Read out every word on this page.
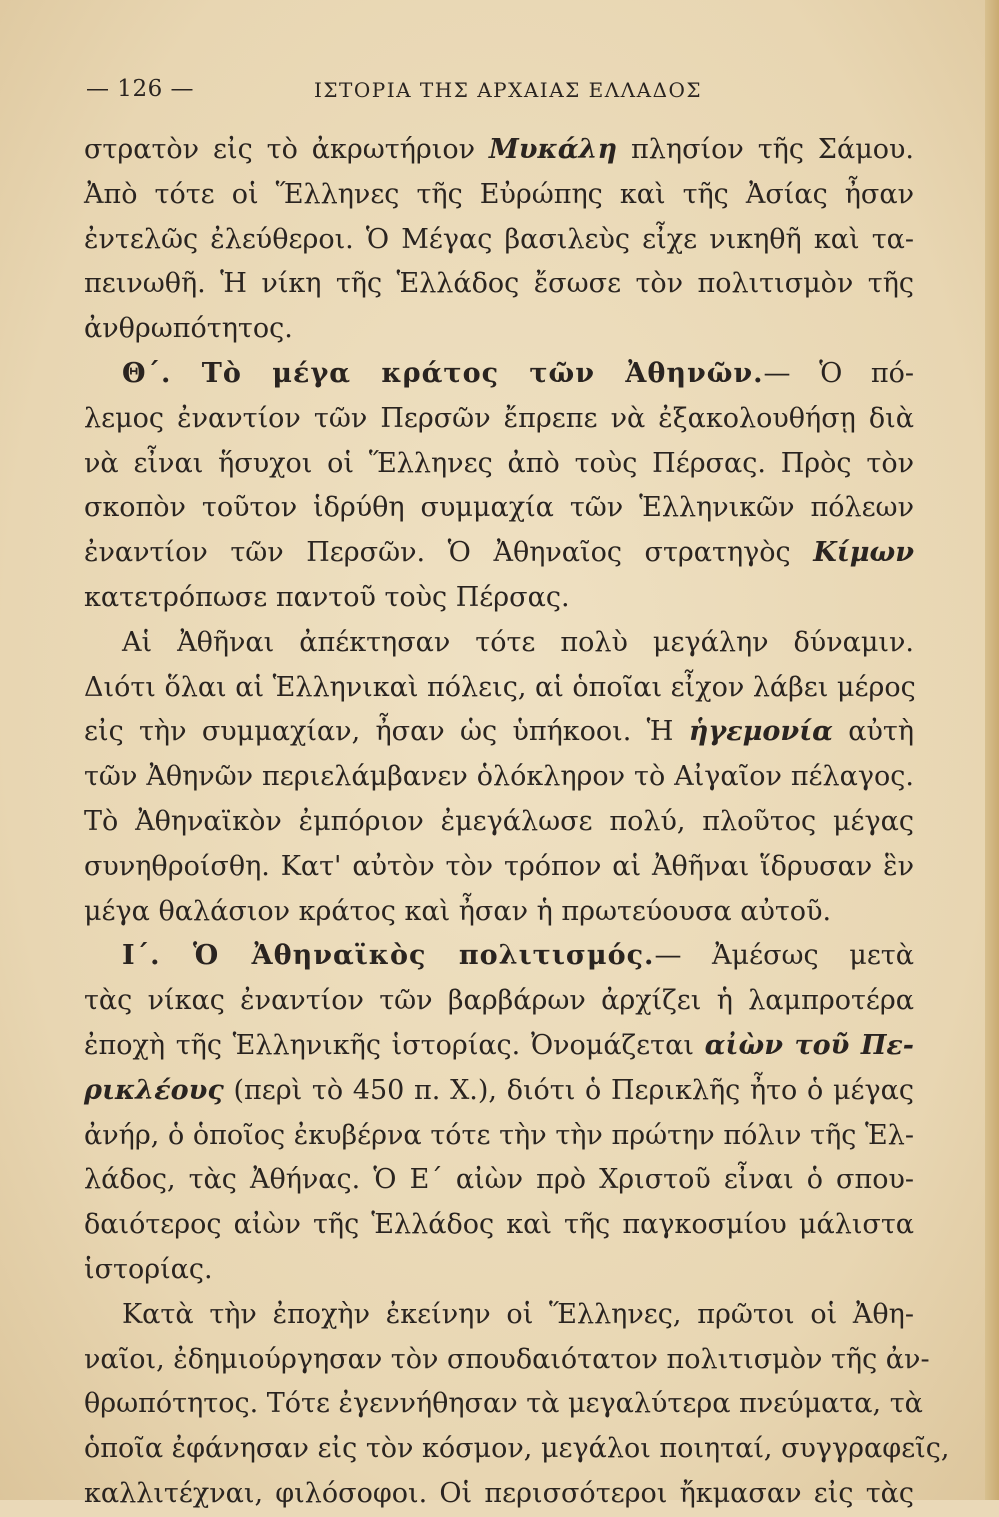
— 126 —	ΙΣΤΟΡΙΑ ΤΗΣ ΑΡΧΑΙΑΣ ΕΛΛΑΔΟΣ
στρατὸν εἰς τὸ ἀκρωτήριον Μυκάλη πλησίον τῆς Σάμου.
Ἀπὸ τότε οἱ Ἕλληνες τῆς Εὐρώπης καὶ τῆς Ἀσίας ἦσαν
ἐντελῶς ἐλεύθεροι. Ὁ Μέγας βασιλεὺς εἶχε νικηθῆ καὶ τα-
πεινωθῆ. Ἡ νίκη τῆς Ἑλλάδος ἔσωσε τὸν πολιτισμὸν τῆς
ἀνθρωπότητος.
Θ΄. Τὸ μέγα κράτος τῶν Ἀθηνῶν.— Ὁ πό-
λεμος ἐναντίον τῶν Περσῶν ἔπρεπε νὰ ἐξακολουθήσῃ διὰ
νὰ εἶναι ἥσυχοι οἱ Ἕλληνες ἀπὸ τοὺς Πέρσας. Πρὸς τὸν
σκοπὸν τοῦτον ἱδρύθη συμμαχία τῶν Ἑλληνικῶν πόλεων
ἐναντίον τῶν Περσῶν. Ὁ Ἀθηναῖος στρατηγὸς Κίμων
κατετρόπωσε παντοῦ τοὺς Πέρσας.
Αἱ Ἀθῆναι ἀπέκτησαν τότε πολὺ μεγάλην δύναμιν.
Διότι ὅλαι αἱ Ἑλληνικαὶ πόλεις, αἱ ὁποῖαι εἶχον λάβει μέρος
εἰς τὴν συμμαχίαν, ἦσαν ὡς ὑπήκοοι. Ἡ ἡγεμονία αὐτὴ
τῶν Ἀθηνῶν περιελάμβανεν ὁλόκληρον τὸ Αἰγαῖον πέλαγος.
Τὸ Ἀθηναϊκὸν ἐμπόριον ἐμεγάλωσε πολύ, πλοῦτος μέγας
συνηθροίσθη. Κατ' αὐτὸν τὸν τρόπον αἱ Ἀθῆναι ἵδρυσαν ἓν
μέγα θαλάσιον κράτος καὶ ἦσαν ἡ πρωτεύουσα αὐτοῦ.
Ι΄. Ὁ Ἀθηναϊκὸς πολιτισμός.— Ἀμέσως μετὰ
τὰς νίκας ἐναντίον τῶν βαρβάρων ἀρχίζει ἡ λαμπροτέρα
ἐποχὴ τῆς Ἑλληνικῆς ἱστορίας. Ὀνομάζεται αἰὼν τοῦ Πε-
ρικλέους (περὶ τὸ 450 π. Χ.), διότι ὁ Περικλῆς ἦτο ὁ μέγας
ἀνήρ, ὁ ὁποῖος ἐκυβέρνα τότε τὴν τὴν πρώτην πόλιν τῆς Ἑλ-
λάδος, τὰς Ἀθήνας. Ὁ Ε΄ αἰὼν πρὸ Χριστοῦ εἶναι ὁ σπου-
δαιότερος αἰὼν τῆς Ἑλλάδος καὶ τῆς παγκοσμίου μάλιστα
ἱστορίας.
Κατὰ τὴν ἐποχὴν ἐκείνην οἱ Ἕλληνες, πρῶτοι οἱ Ἀθη-
ναῖοι, ἐδημιούργησαν τὸν σπουδαιότατον πολιτισμὸν τῆς ἀν-
θρωπότητος. Τότε ἐγεννήθησαν τὰ μεγαλύτερα πνεύματα, τὰ
ὁποῖα ἐφάνησαν εἰς τὸν κόσμον, μεγάλοι ποιηταί, συγγραφεῖς,
καλλιτέχναι, φιλόσοφοι. Οἱ περισσότεροι ἤκμασαν εἰς τὰς
